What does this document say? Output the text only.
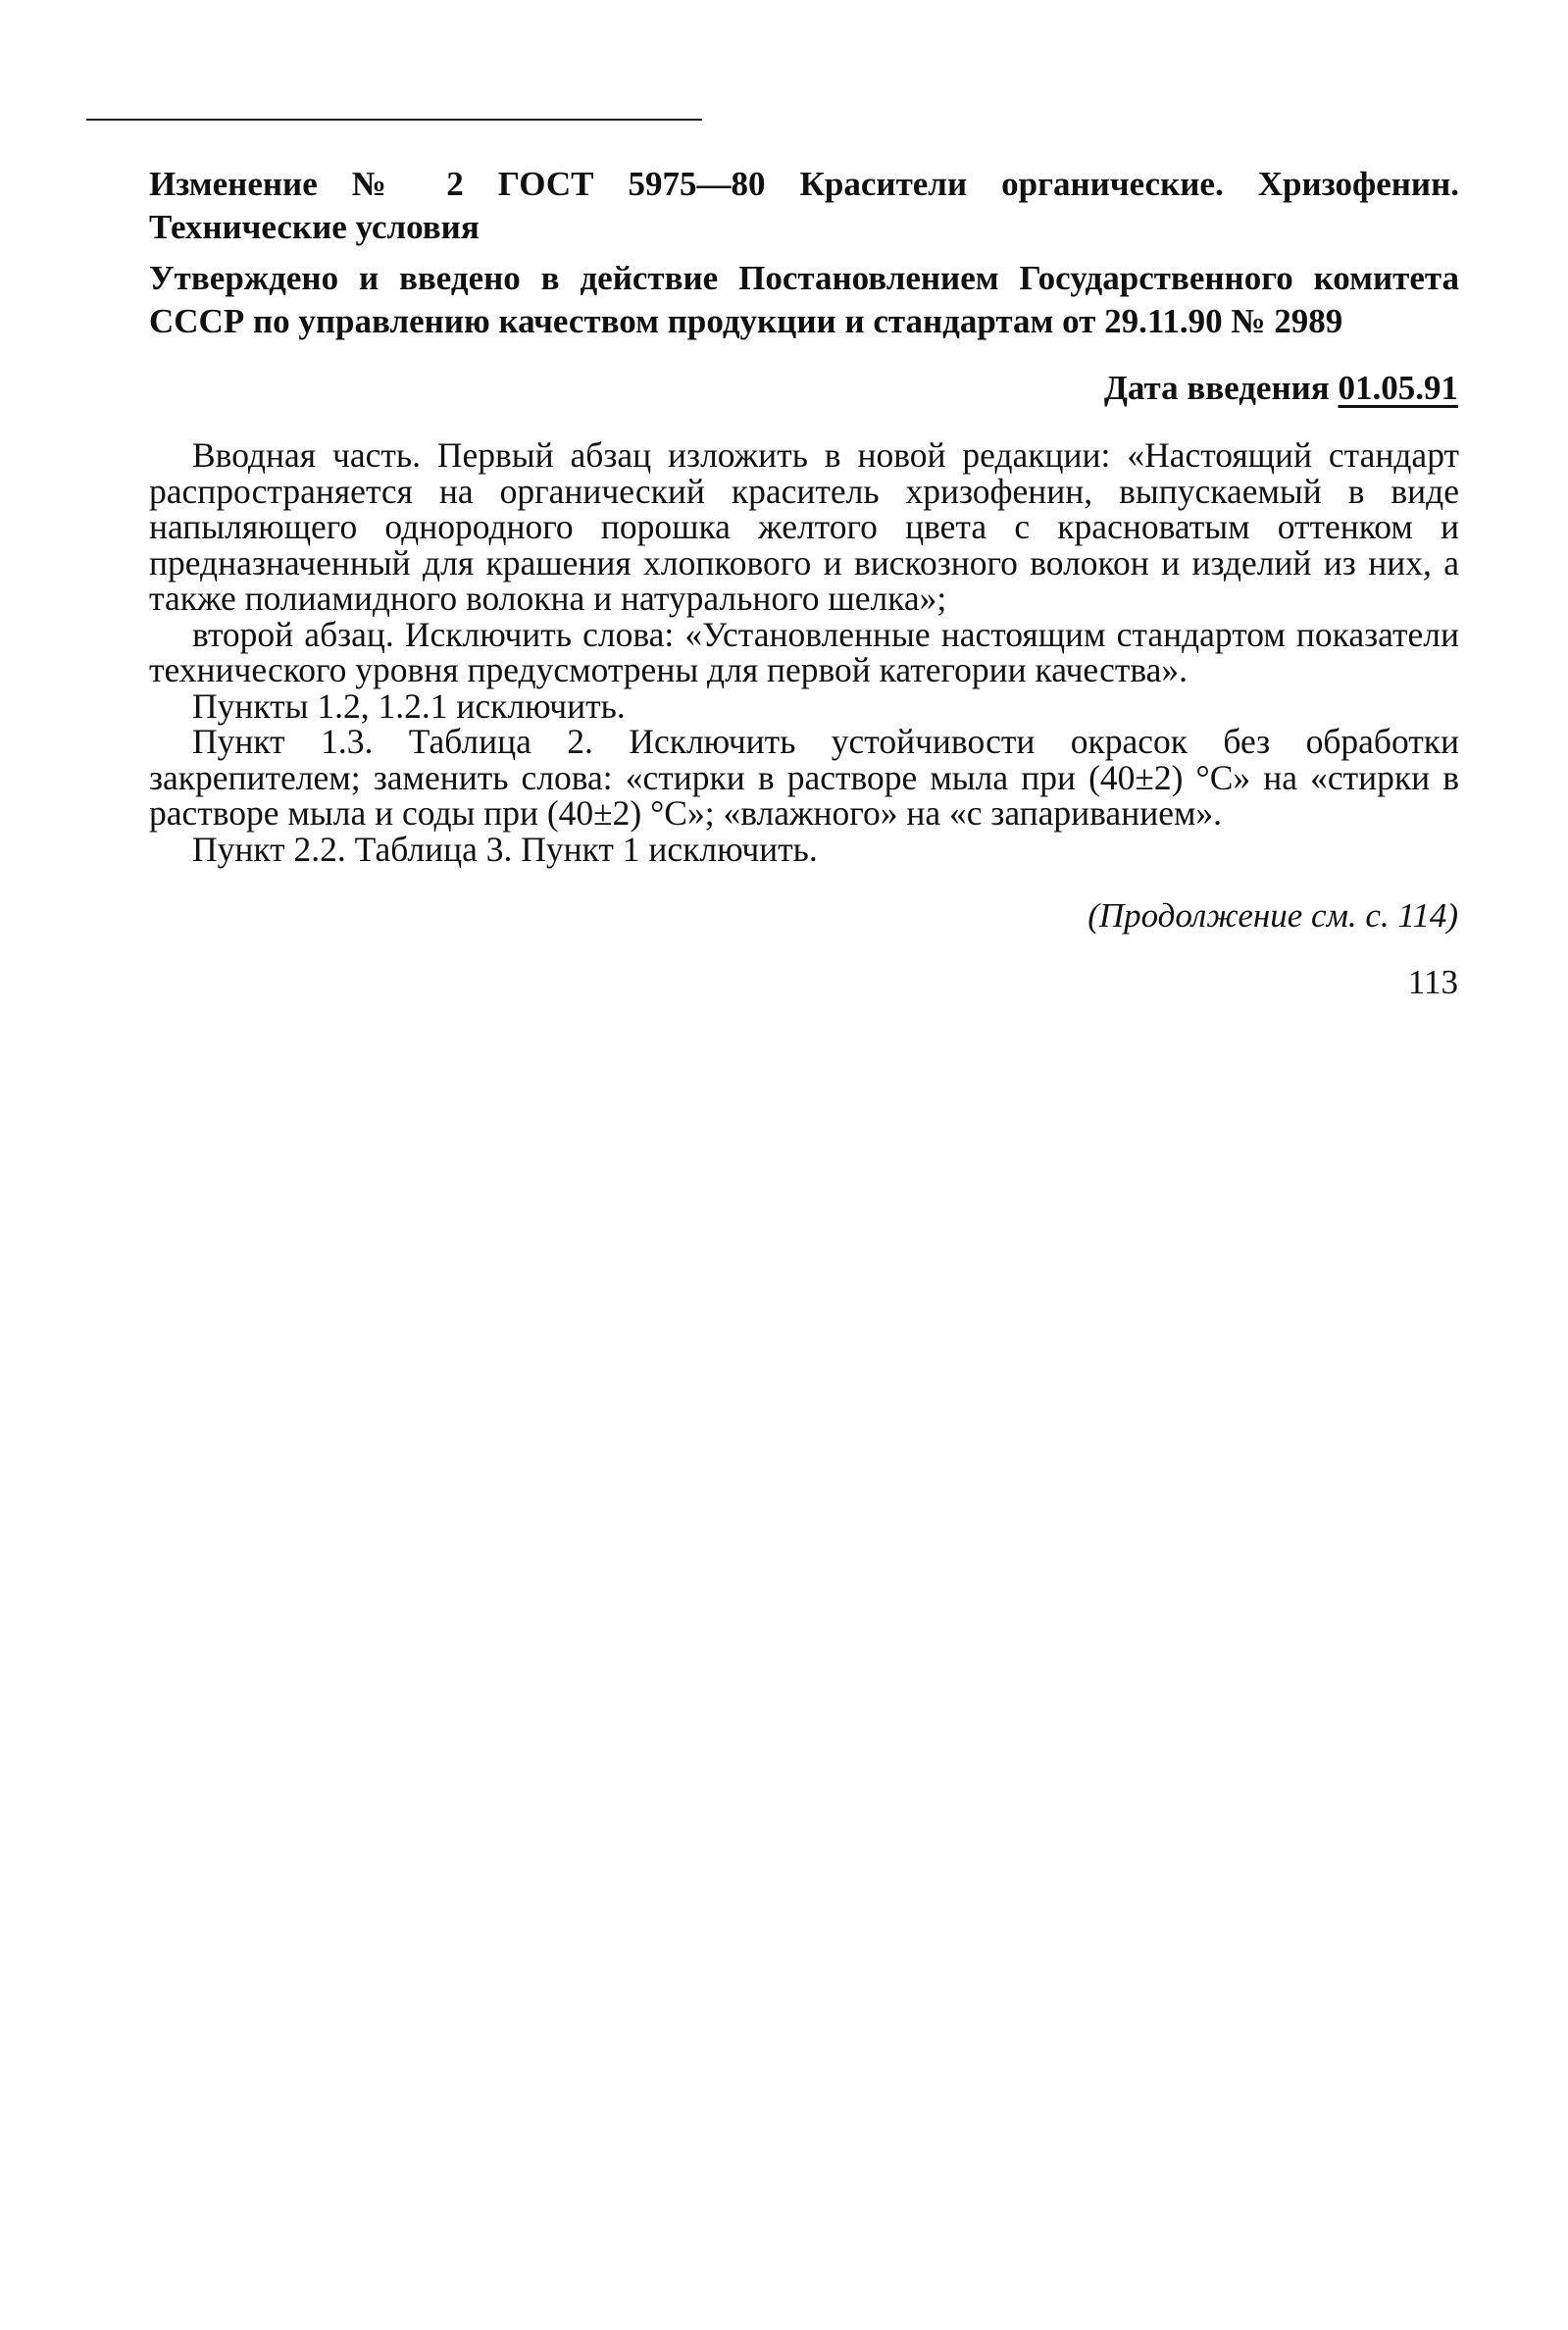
Изменение № 2 ГОСТ 5975—80 Красители органические. Хризофенин. Технические условия

Утверждено и введено в действие Постановлением Государственного комитета СССР по управлению качеством продукции и стандартам от 29.11.90 № 2989

Дата введения 01.05.91

Вводная часть. Первый абзац изложить в новой редакции: «Настоящий стандарт распространяется на органический краситель хризофенин, выпускаемый в виде напыляющего однородного порошка желтого цвета с красноватым оттенком и предназначенный для крашения хлопкового и вискозного волокон и изделий из них, а также полиамидного волокна и натурального шелка»;

второй абзац. Исключить слова: «Установленные настоящим стандартом показатели технического уровня предусмотрены для первой категории качества».

Пункты 1.2, 1.2.1 исключить.

Пункт 1.3. Таблица 2. Исключить устойчивости окрасок без обработки закрепителем; заменить слова: «стирки в растворе мыла при (40±2) °С» на «стирки в растворе мыла и соды при (40±2) °С»; «влажного» на «с запариванием».

Пункт 2.2. Таблица 3. Пункт 1 исключить.

(Продолжение см. с. 114)

113
